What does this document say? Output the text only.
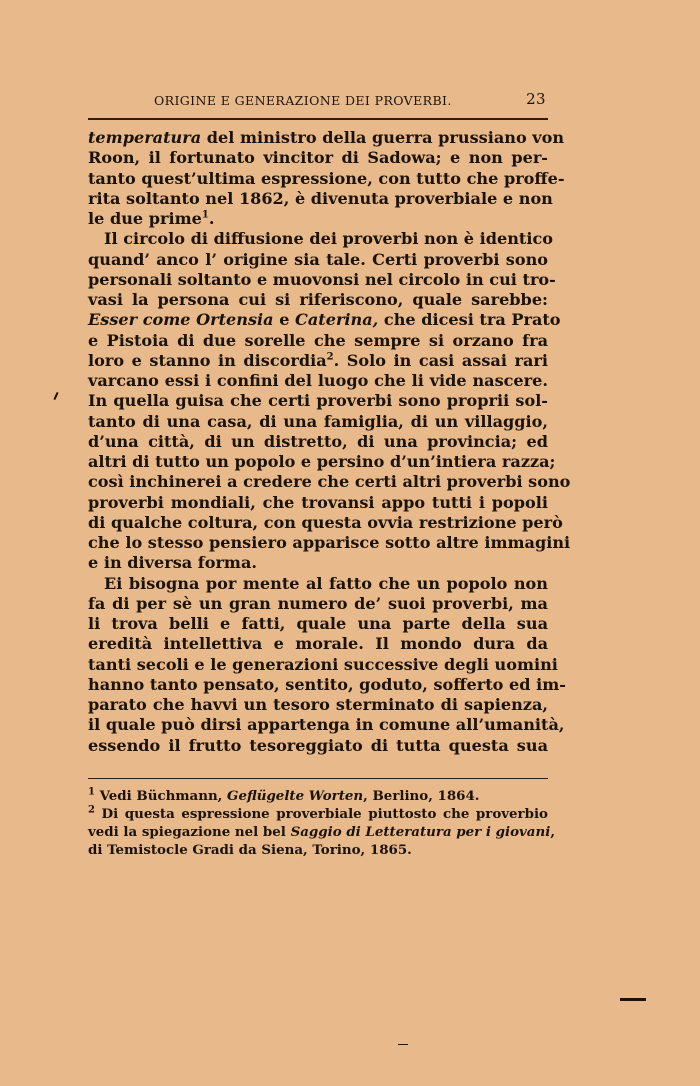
ORIGINE E GENERAZIONE DEI PROVERBI.	23
temperatura del ministro della guerra prussiano von
Roon, il fortunato vincitor di Sadowa; e non per-
tanto quest’ultima espressione, con tutto che proffe-
rita soltanto nel 1862, è divenuta proverbiale e non
le due prime$^1$.
Il circolo di diffusione dei proverbi non è identico
quand’ anco l’ origine sia tale. Certi proverbi sono
personali soltanto e muovonsi nel circolo in cui tro-
vasi la persona cui si riferiscono, quale sarebbe:
Esser come Ortensia e Caterina, che dicesi tra Prato
e Pistoia di due sorelle che sempre si orzano fra
loro e stanno in discordia$^2$. Solo in casi assai rari
varcano essi i confini del luogo che li vide nascere.
In quella guisa che certi proverbi sono proprii sol-
tanto di una casa, di una famiglia, di un villaggio,
d’una città, di un distretto, di una provincia; ed
altri di tutto un popolo e persino d’un’intiera razza;
così inchinerei a credere che certi altri proverbi sono
proverbi mondiali, che trovansi appo tutti i popoli
di qualche coltura, con questa ovvia restrizione però
che lo stesso pensiero apparisce sotto altre immagini
e in diversa forma.
Ei bisogna por mente al fatto che un popolo non
fa di per sè un gran numero de’ suoi proverbi, ma
li trova belli e fatti, quale una parte della sua
eredità intellettiva e morale. Il mondo dura da
tanti secoli e le generazioni successive degli uomini
hanno tanto pensato, sentito, goduto, sofferto ed im-
parato che havvi un tesoro sterminato di sapienza,
il quale può dirsi appartenga in comune all’umanità,
essendo il frutto tesoreggiato di tutta questa sua
$^1$ Vedi Büchmann, Geflügelte Worten, Berlino, 1864.
$^2$ Di questa espressione proverbiale piuttosto che proverbio
vedi la spiegazione nel bel Saggio di Letteratura per i giovani,
di Temistocle Gradi da Siena, Torino, 1865.
